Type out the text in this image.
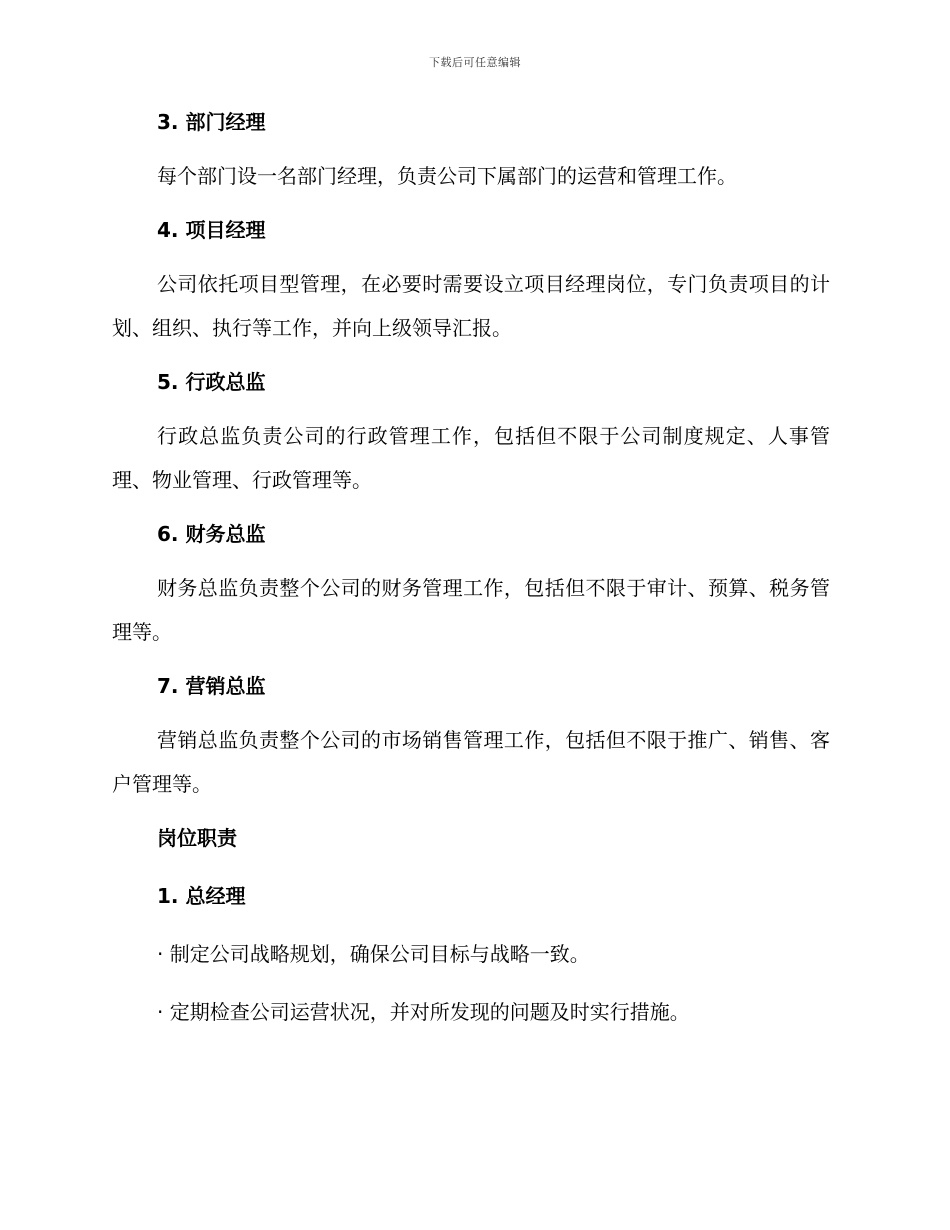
下载后可任意编辑

3. 部门经理

每个部门设一名部门经理，负责公司下属部门的运营和管理工作。

4. 项目经理

公司依托项目型管理，在必要时需要设立项目经理岗位，专门负责项目的计划、组织、执行等工作，并向上级领导汇报。

5. 行政总监

行政总监负责公司的行政管理工作，包括但不限于公司制度规定、人事管理、物业管理、行政管理等。

6. 财务总监

财务总监负责整个公司的财务管理工作，包括但不限于审计、预算、税务管理等。

7. 营销总监

营销总监负责整个公司的市场销售管理工作，包括但不限于推广、销售、客户管理等。

岗位职责

1. 总经理

· 制定公司战略规划，确保公司目标与战略一致。

· 定期检查公司运营状况，并对所发现的问题及时实行措施。
